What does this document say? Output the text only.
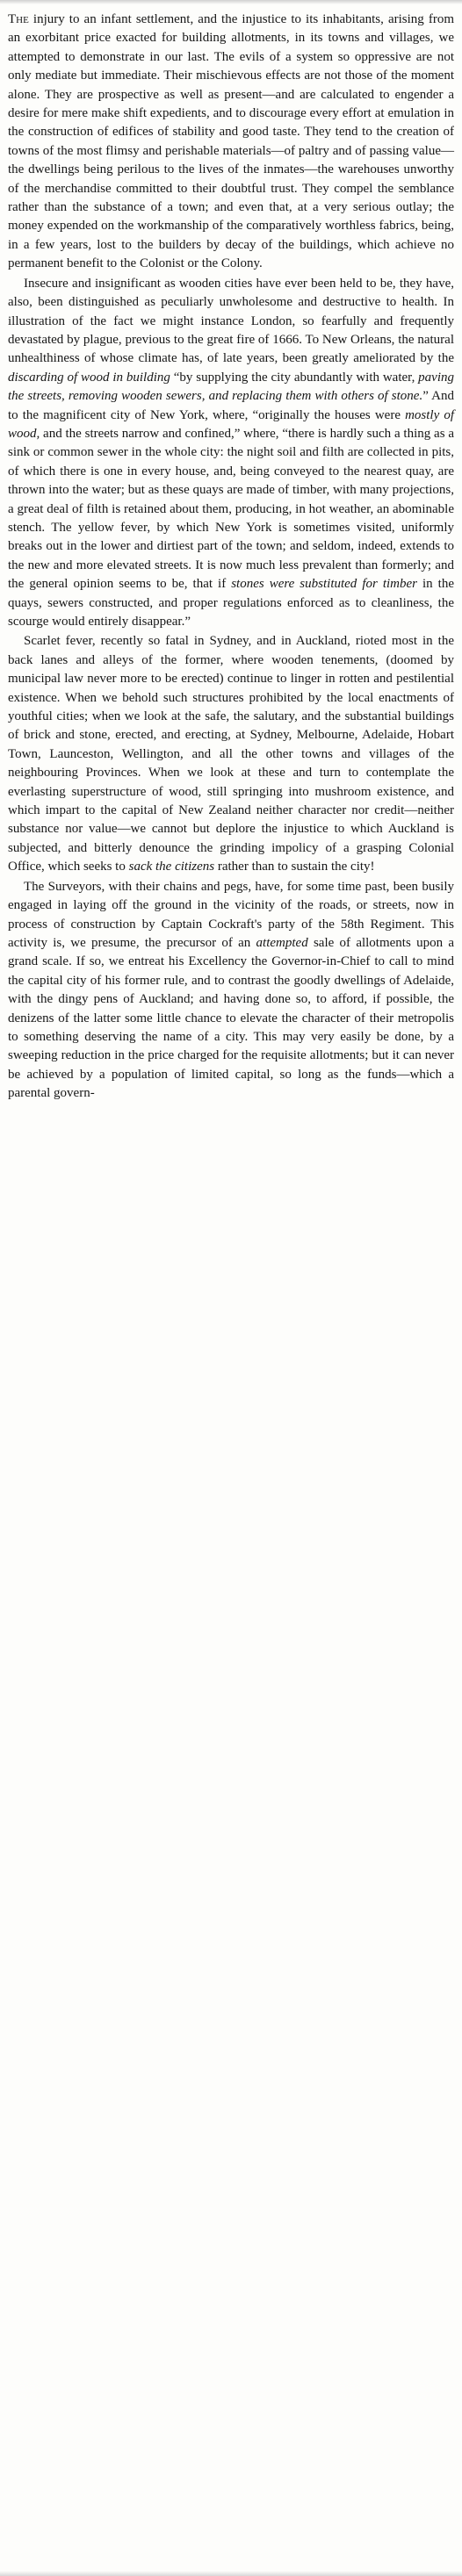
The injury to an infant settlement, and the injustice to its inhabitants, arising from an exorbitant price exacted for building allotments, in its towns and villages, we attempted to demonstrate in our last. The evils of a system so oppressive are not only mediate but immediate. Their mischievous effects are not those of the moment alone. They are prospective as well as present—and are calculated to engender a desire for mere make shift expedients, and to discourage every effort at emulation in the construction of edifices of stability and good taste. They tend to the creation of towns of the most flimsy and perishable materials—of paltry and of passing value—the dwellings being perilous to the lives of the inmates—the warehouses unworthy of the merchandise committed to their doubtful trust. They compel the semblance rather than the substance of a town; and even that, at a very serious outlay; the money expended on the workmanship of the comparatively worthless fabrics, being, in a few years, lost to the builders by decay of the buildings, which achieve no permanent benefit to the Colonist or the Colony.

Insecure and insignificant as wooden cities have ever been held to be, they have, also, been distinguished as peculiarly unwholesome and destructive to health. In illustration of the fact we might instance London, so fearfully and frequently devastated by plague, previous to the great fire of 1666. To New Orleans, the natural unhealthiness of whose climate has, of late years, been greatly ameliorated by the discarding of wood in building “by supplying the city abundantly with water, paving the streets, removing wooden sewers, and replacing them with others of stone.” And to the magnificent city of New York, where, “originally the houses were mostly of wood, and the streets narrow and confined,” where, “there is hardly such a thing as a sink or common sewer in the whole city: the night soil and filth are collected in pits, of which there is one in every house, and, being conveyed to the nearest quay, are thrown into the water; but as these quays are made of timber, with many projections, a great deal of filth is retained about them, producing, in hot weather, an abominable stench. The yellow fever, by which New York is sometimes visited, uniformly breaks out in the lower and dirtiest part of the town; and seldom, indeed, extends to the new and more elevated streets. It is now much less prevalent than formerly; and the general opinion seems to be, that if stones were substituted for timber in the quays, sewers constructed, and proper regulations enforced as to cleanliness, the scourge would entirely disappear.”

Scarlet fever, recently so fatal in Sydney, and in Auckland, rioted most in the back lanes and alleys of the former, where wooden tenements, (doomed by municipal law never more to be erected) continue to linger in rotten and pestilential existence. When we behold such structures prohibited by the local enactments of youthful cities; when we look at the safe, the salutary, and the substantial buildings of brick and stone, erected, and erecting, at Sydney, Melbourne, Adelaide, Hobart Town, Launceston, Wellington, and all the other towns and villages of the neighbouring Provinces. When we look at these and turn to contemplate the everlasting superstructure of wood, still springing into mushroom existence, and which impart to the capital of New Zealand neither character nor credit—neither substance nor value—we cannot but deplore the injustice to which Auckland is subjected, and bitterly denounce the grinding impolicy of a grasping Colonial Office, which seeks to sack the citizens rather than to sustain the city!

The Surveyors, with their chains and pegs, have, for some time past, been busily engaged in laying off the ground in the vicinity of the roads, or streets, now in process of construction by Captain Cockraft's party of the 58th Regiment. This activity is, we presume, the precursor of an attempted sale of allotments upon a grand scale. If so, we entreat his Excellency the Governor-in-Chief to call to mind the capital city of his former rule, and to contrast the goodly dwellings of Adelaide, with the dingy pens of Auckland; and having done so, to afford, if possible, the denizens of the latter some little chance to elevate the character of their metropolis to something deserving the name of a city. This may very easily be done, by a sweeping reduction in the price charged for the requisite allotments; but it can never be achieved by a population of limited capital, so long as the funds—which a parental govern-
